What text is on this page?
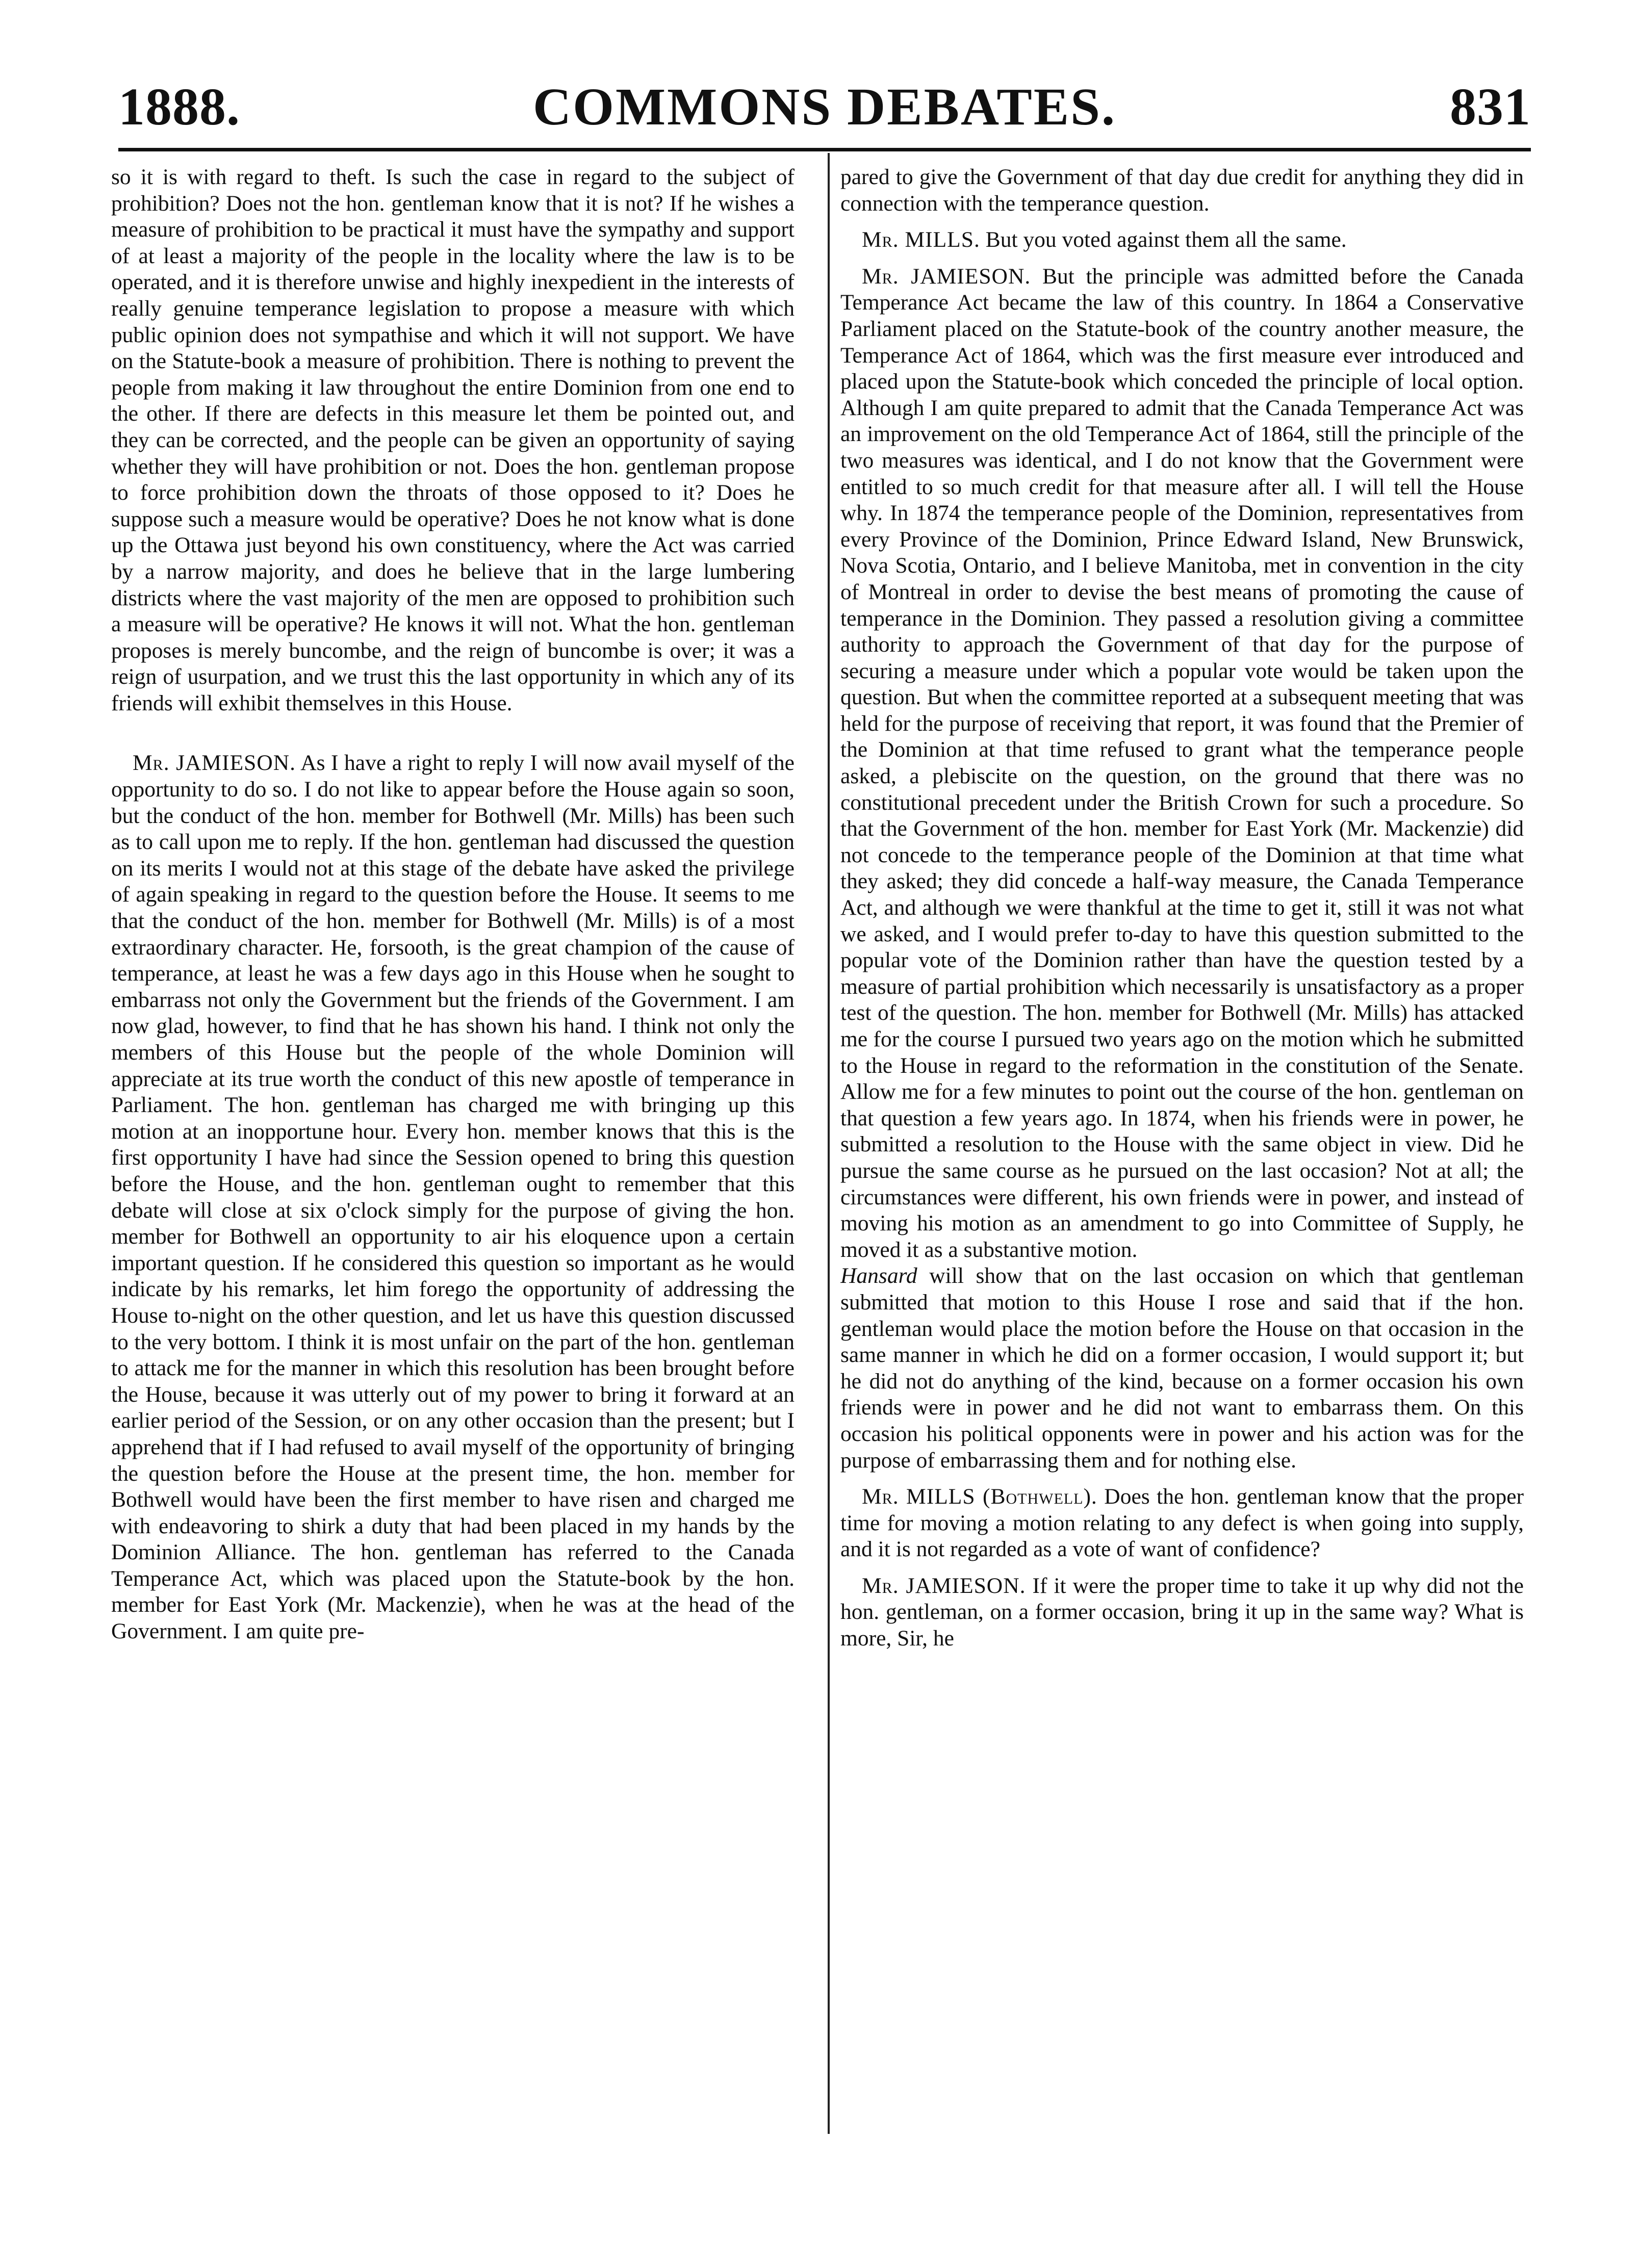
1888.	COMMONS DEBATES.	831

so it is with regard to theft. Is such the case in regard to the subject of prohibition? Does not the hon. gentleman know that it is not? If he wishes a measure of prohibition to be practical it must have the sympathy and support of at least a majority of the people in the locality where the law is to be operated, and it is therefore unwise and highly inexpedient in the interests of really genuine temperance legislation to propose a measure with which public opinion does not sympathise and which it will not support. We have on the Statute-book a measure of prohibition. There is nothing to prevent the people from making it law throughout the entire Dominion from one end to the other. If there are defects in this measure let them be pointed out, and they can be corrected, and the people can be given an opportunity of saying whether they will have prohibition or not. Does the hon. gentleman propose to force prohibition down the throats of those opposed to it? Does he suppose such a measure would be operative? Does he not know what is done up the Ottawa just beyond his own constituency, where the Act was carried by a narrow majority, and does he believe that in the large lumbering districts where the vast majority of the men are opposed to prohibition such a measure will be operative? He knows it will not. What the hon. gentleman proposes is merely buncombe, and the reign of buncombe is over; it was a reign of usurpation, and we trust this the last opportunity in which any of its friends will exhibit themselves in this House.

Mr. JAMIESON. As I have a right to reply I will now avail myself of the opportunity to do so. I do not like to appear before the House again so soon, but the conduct of the hon. member for Bothwell (Mr. Mills) has been such as to call upon me to reply. If the hon. gentleman had discussed the question on its merits I would not at this stage of the debate have asked the privilege of again speaking in regard to the question before the House. It seems to me that the conduct of the hon. member for Bothwell (Mr. Mills) is of a most extraordinary character. He, forsooth, is the great champion of the cause of temperance, at least he was a few days ago in this House when he sought to embarrass not only the Government but the friends of the Government. I am now glad, however, to find that he has shown his hand. I think not only the members of this House but the people of the whole Dominion will appreciate at its true worth the conduct of this new apostle of temperance in Parliament. The hon. gentleman has charged me with bringing up this motion at an inopportune hour. Every hon. member knows that this is the first opportunity I have had since the Session opened to bring this question before the House, and the hon. gentleman ought to remember that this debate will close at six o'clock simply for the purpose of giving the hon. member for Bothwell an opportunity to air his eloquence upon a certain important question. If he considered this question so important as he would indicate by his remarks, let him forego the opportunity of addressing the House to-night on the other question, and let us have this question discussed to the very bottom. I think it is most unfair on the part of the hon. gentleman to attack me for the manner in which this resolution has been brought before the House, because it was utterly out of my power to bring it forward at an earlier period of the Session, or on any other occasion than the present; but I apprehend that if I had refused to avail myself of the opportunity of bringing the question before the House at the present time, the hon. member for Bothwell would have been the first member to have risen and charged me with endeavoring to shirk a duty that had been placed in my hands by the Dominion Alliance. The hon. gentleman has referred to the Canada Temperance Act, which was placed upon the Statute-book by the hon. member for East York (Mr. Mackenzie), when he was at the head of the Government. I am quite pre-

pared to give the Government of that day due credit for anything they did in connection with the temperance question.

Mr. MILLS. But you voted against them all the same.

Mr. JAMIESON. But the principle was admitted before the Canada Temperance Act became the law of this country. In 1864 a Conservative Parliament placed on the Statute-book of the country another measure, the Temperance Act of 1864, which was the first measure ever introduced and placed upon the Statute-book which conceded the principle of local option. Although I am quite prepared to admit that the Canada Temperance Act was an improvement on the old Temperance Act of 1864, still the principle of the two measures was identical, and I do not know that the Government were entitled to so much credit for that measure after all. I will tell the House why. In 1874 the temperance people of the Dominion, representatives from every Province of the Dominion, Prince Edward Island, New Brunswick, Nova Scotia, Ontario, and I believe Manitoba, met in convention in the city of Montreal in order to devise the best means of promoting the cause of temperance in the Dominion. They passed a resolution giving a committee authority to approach the Government of that day for the purpose of securing a measure under which a popular vote would be taken upon the question. But when the committee reported at a subsequent meeting that was held for the purpose of receiving that report, it was found that the Premier of the Dominion at that time refused to grant what the temperance people asked, a plebiscite on the question, on the ground that there was no constitutional precedent under the British Crown for such a procedure. So that the Government of the hon. member for East York (Mr. Mackenzie) did not concede to the temperance people of the Dominion at that time what they asked; they did concede a half-way measure, the Canada Temperance Act, and although we were thankful at the time to get it, still it was not what we asked, and I would prefer to-day to have this question submitted to the popular vote of the Dominion rather than have the question tested by a measure of partial prohibition which necessarily is unsatisfactory as a proper test of the question. The hon. member for Bothwell (Mr. Mills) has attacked me for the course I pursued two years ago on the motion which he submitted to the House in regard to the reformation in the constitution of the Senate. Allow me for a few minutes to point out the course of the hon. gentleman on that question a few years ago. In 1874, when his friends were in power, he submitted a resolution to the House with the same object in view. Did he pursue the same course as he pursued on the last occasion? Not at all; the circumstances were different, his own friends were in power, and instead of moving his motion as an amendment to go into Committee of Supply, he moved it as a substantive motion.

Hansard will show that on the last occasion on which that gentleman submitted that motion to this House I rose and said that if the hon. gentleman would place the motion before the House on that occasion in the same manner in which he did on a former occasion, I would support it; but he did not do anything of the kind, because on a former occasion his own friends were in power and he did not want to embarrass them. On this occasion his political opponents were in power and his action was for the purpose of embarrassing them and for nothing else.

Mr. MILLS (Bothwell). Does the hon. gentleman know that the proper time for moving a motion relating to any defect is when going into supply, and it is not regarded as a vote of want of confidence?

Mr. JAMIESON. If it were the proper time to take it up why did not the hon. gentleman, on a former occasion, bring it up in the same way? What is more, Sir, he
